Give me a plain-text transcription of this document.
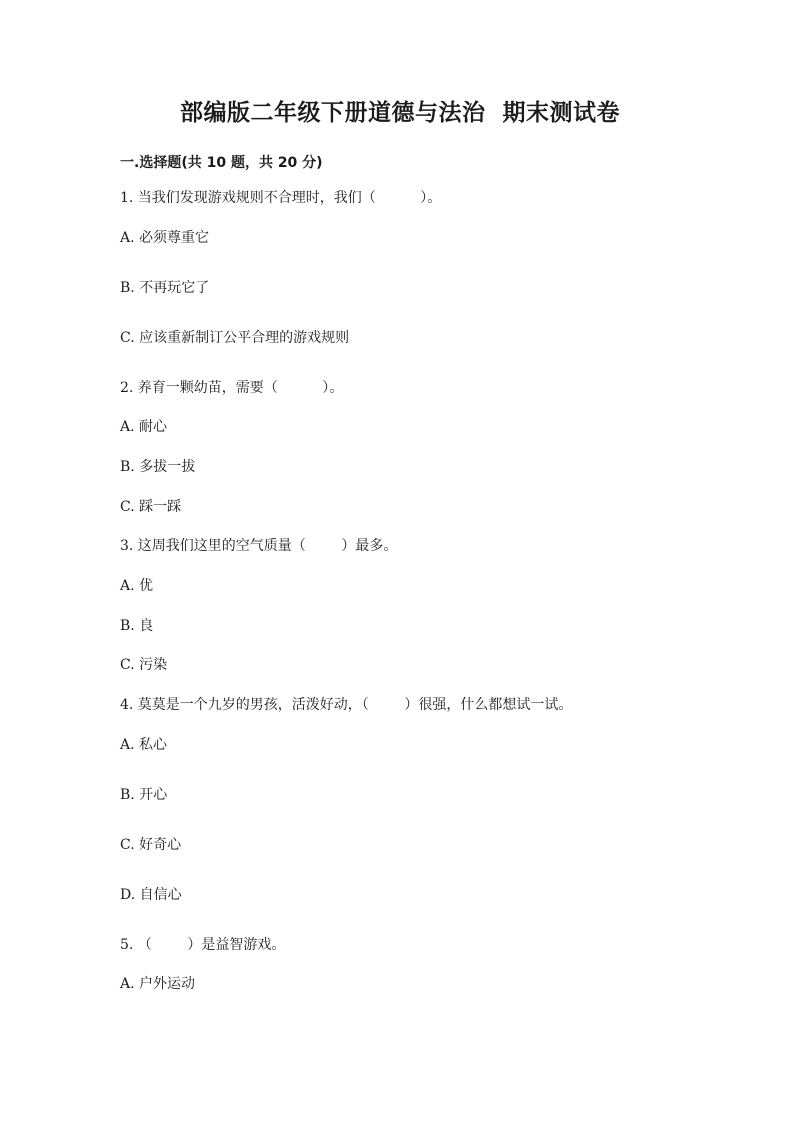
部编版二年级下册道德与法治  期末测试卷
一.选择题(共 10 题，共 20 分)
1. 当我们发现游戏规则不合理时，我们（          ）。
A. 必须尊重它
B. 不再玩它了
C. 应该重新制订公平合理的游戏规则
2. 养育一颗幼苗，需要（          ）。
A. 耐心
B. 多拔一拔
C. 踩一踩
3. 这周我们这里的空气质量（        ）最多。
A. 优
B. 良
C. 污染
4. 莫莫是一个九岁的男孩，活泼好动，（        ）很强，什么都想试一试。
A. 私心
B. 开心
C. 好奇心
D. 自信心
5. （        ）是益智游戏。
A. 户外运动
